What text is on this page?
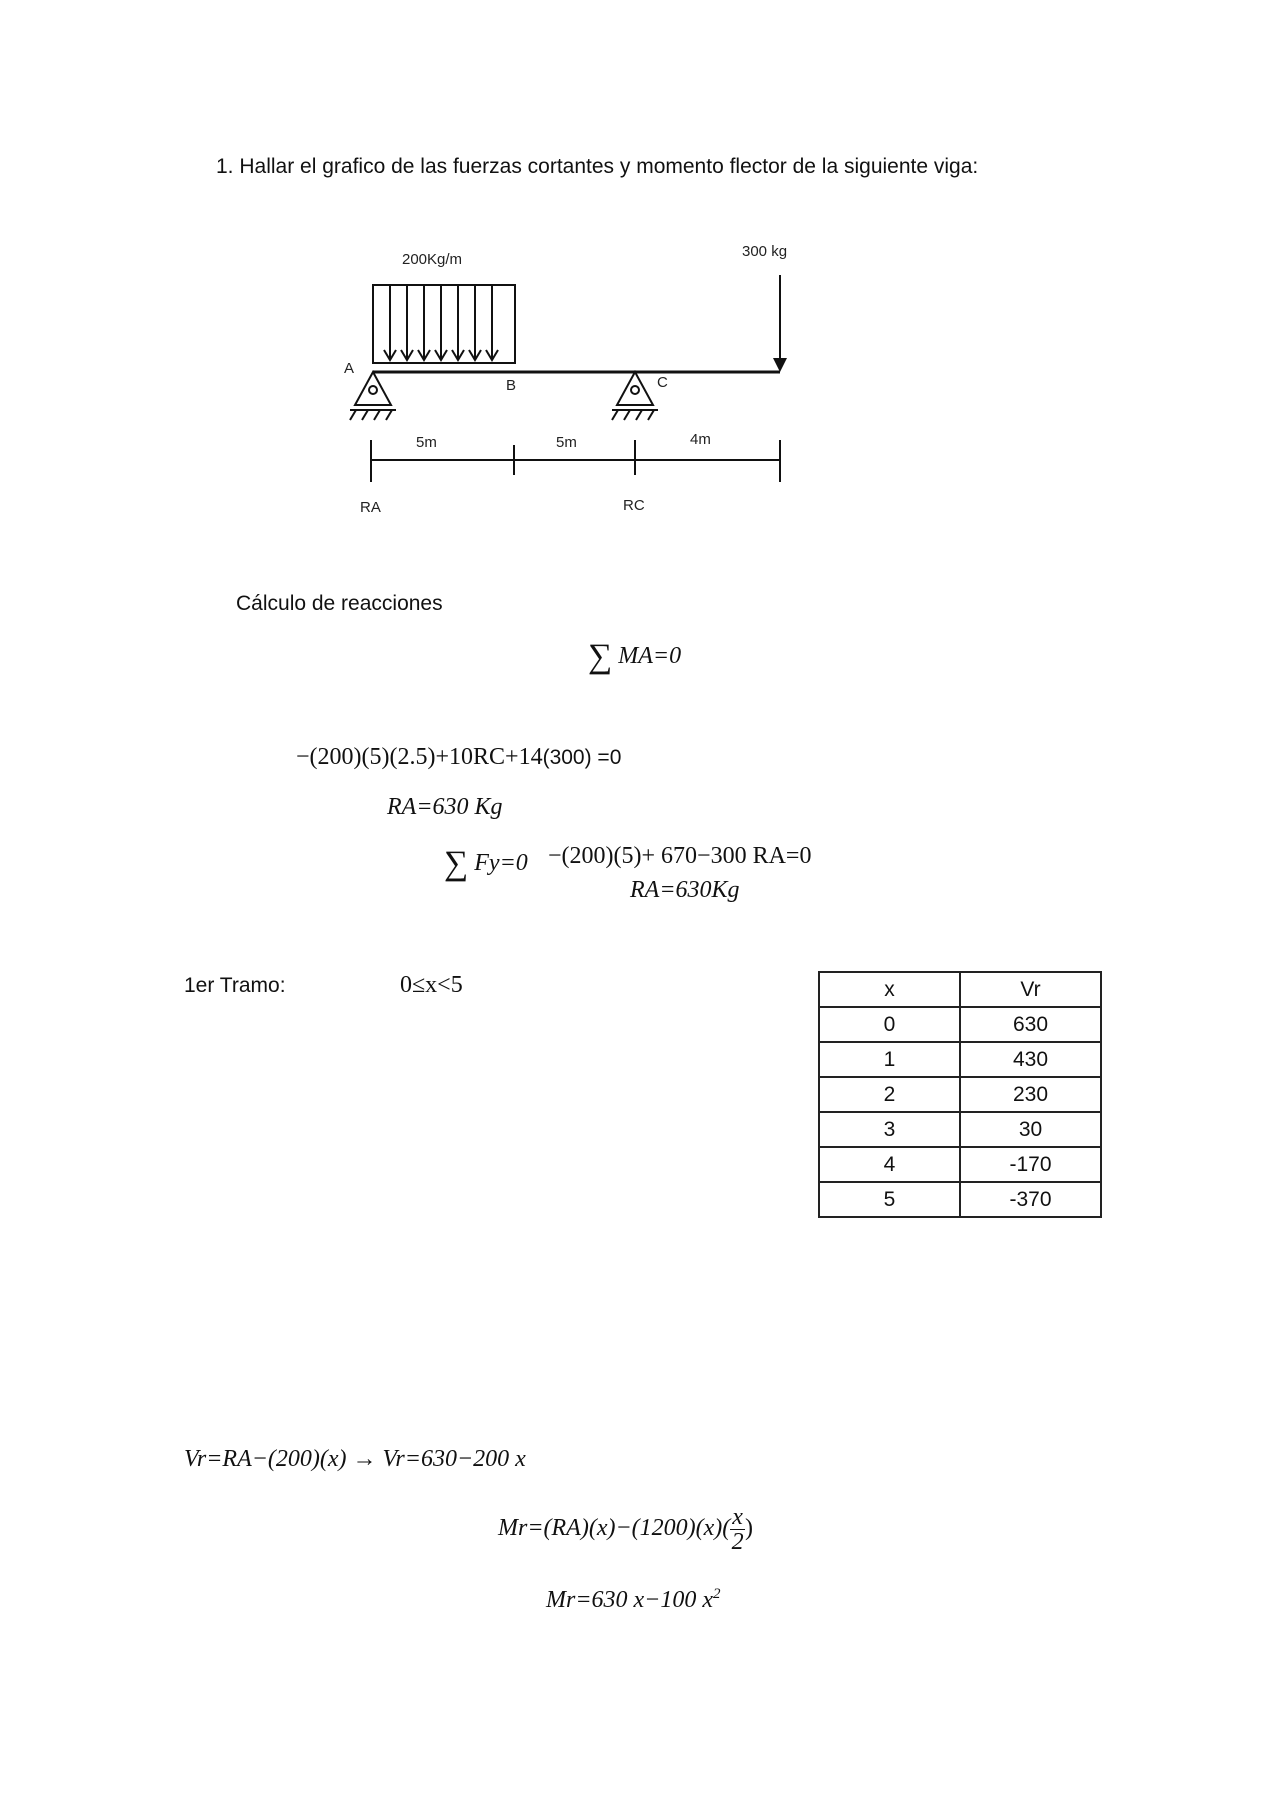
1. Hallar el grafico de las fuerzas cortantes y momento flector de la siguiente viga:
200Kg/m	300 kg
A
B	C
5m	5m	4m
RA	RC
Cálculo de reacciones
∑ MA=0
−(200)(5)(2.5)+10RC+14(300) =0
RA=630 Kg
∑ Fy=0 −(200)(5)+ 670−300 RA=0
RA=630Kg
1er Tramo:	0≤x<5	x	Vr
0	630
1	430
2	230
3	30
4	-170
5	-370
Vr=RA−(200)(x) → Vr=630−200 x
$Mr=(RA)(x)-(1200)(x)( \frac{x}{2}$ )
Mr=630 x−100 $x^2$
